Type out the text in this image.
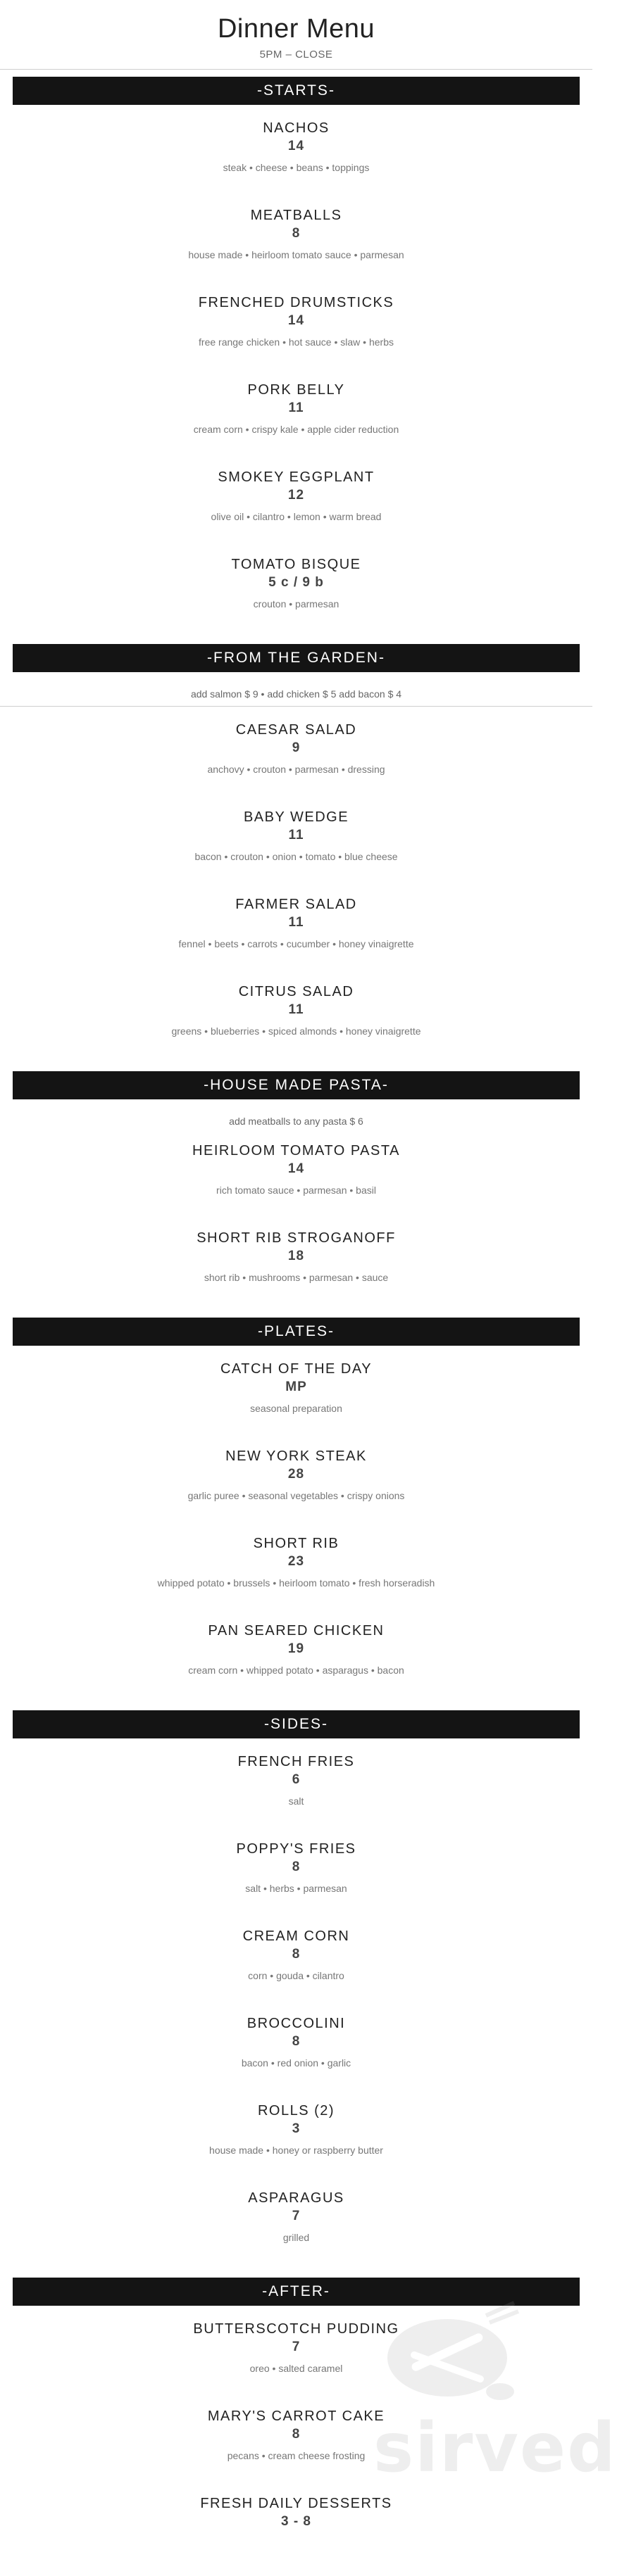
Dinner Menu
5PM – CLOSE
-STARTS-
NACHOS
14
steak • cheese • beans • toppings
MEATBALLS
8
house made • heirloom tomato sauce • parmesan
FRENCHED DRUMSTICKS
14
free range chicken • hot sauce • slaw • herbs
PORK BELLY
11
cream corn • crispy kale • apple cider reduction
SMOKEY EGGPLANT
12
olive oil • cilantro • lemon • warm bread
TOMATO BISQUE
5 c / 9 b
crouton • parmesan
-FROM THE GARDEN-
add salmon $ 9 • add chicken $ 5 add bacon $ 4
CAESAR SALAD
9
anchovy • crouton • parmesan • dressing
BABY WEDGE
11
bacon • crouton • onion • tomato • blue cheese
FARMER SALAD
11
fennel • beets • carrots • cucumber • honey vinaigrette
CITRUS SALAD
11
greens • blueberries • spiced almonds • honey vinaigrette
-HOUSE MADE PASTA-
add meatballs to any pasta $ 6
HEIRLOOM TOMATO PASTA
14
rich tomato sauce • parmesan • basil
SHORT RIB STROGANOFF
18
short rib • mushrooms • parmesan • sauce
-PLATES-
CATCH OF THE DAY
MP
seasonal preparation
NEW YORK STEAK
28
garlic puree • seasonal vegetables • crispy onions
SHORT RIB
23
whipped potato • brussels • heirloom tomato • fresh horseradish
PAN SEARED CHICKEN
19
cream corn • whipped potato • asparagus • bacon
-SIDES-
FRENCH FRIES
6
salt
POPPY'S FRIES
8
salt • herbs • parmesan
CREAM CORN
8
corn • gouda • cilantro
BROCCOLINI
8
bacon • red onion • garlic
ROLLS (2)
3
house made • honey or raspberry butter
ASPARAGUS
7
grilled
-AFTER-
BUTTERSCOTCH PUDDING
7
oreo • salted caramel
MARY'S CARROT CAKE
8
pecans • cream cheese frosting
FRESH DAILY DESSERTS
3 - 8
sirved
